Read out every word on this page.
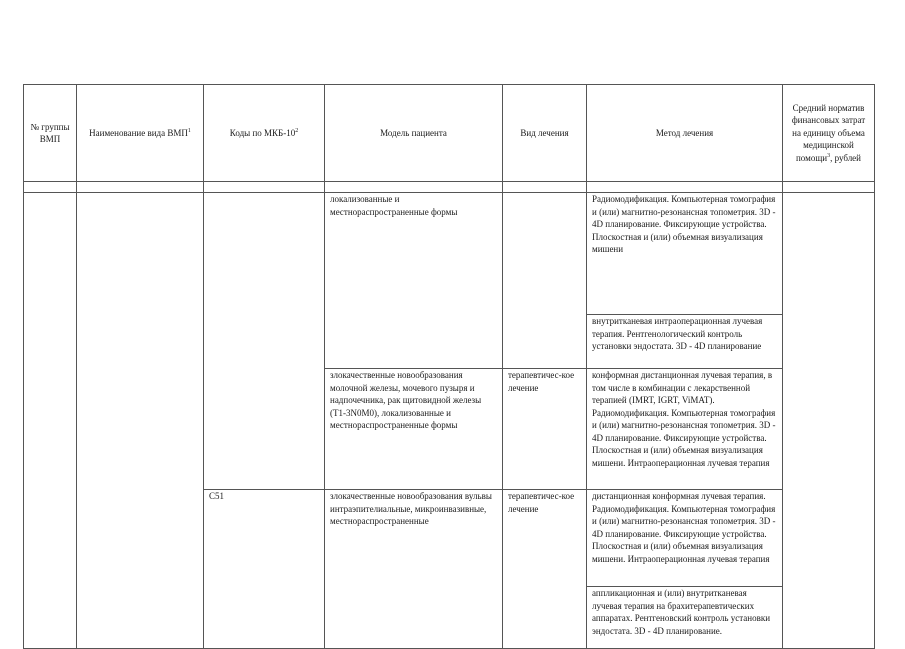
№ группы ВМП	Наименование вида ВМП$^1$	Коды по МКБ-$10^2$	Модель пациента	Вид лечения	Метод лечения	Средний норматив финансовых затрат на единицу объема медицинской помощи$^3$, рублей

			локализованные и местнораспространенные формы		Радиомодификация. Компьютерная томография и (или) магнитно-резонансная топометрия. 3D - 4D планирование. Фиксирующие устройства. Плоскостная и (или) объемная визуализация мишени	
					внутритканевая интраоперационная лучевая терапия. Рентгенологический контроль установки эндостата. 3D - 4D планирование	
			злокачественные новообразования молочной железы, мочевого пузыря и надпочечника, рак щитовидной железы (T1-3N0M0), локализованные и местнораспространенные формы	терапевтичес-кое лечение	конформная дистанционная лучевая терапия, в том числе в комбинации с лекарственной терапией (IMRT, IGRT, ViMAT). Радиомодификация. Компьютерная томография и (или) магнитно-резонансная топометрия. 3D - 4D планирование. Фиксирующие устройства. Плоскостная и (или) объемная визуализация мишени. Интраоперационная лучевая терапия	
		C51	злокачественные новообразования вульвы интраэпителиальные, микроинвазивные, местнораспространенные	терапевтичес-кое лечение	дистанционная конформная лучевая терапия. Радиомодификация. Компьютерная томография и (или) магнитно-резонансная топометрия. 3D - 4D планирование. Фиксирующие устройства. Плоскостная и (или) объемная визуализация мишени. Интраоперационная лучевая терапия	
					аппликационная и (или) внутритканевая лучевая терапия на брахитерапевтических аппаратах. Рентгеновский контроль установки эндостата. 3D - 4D планирование.	
